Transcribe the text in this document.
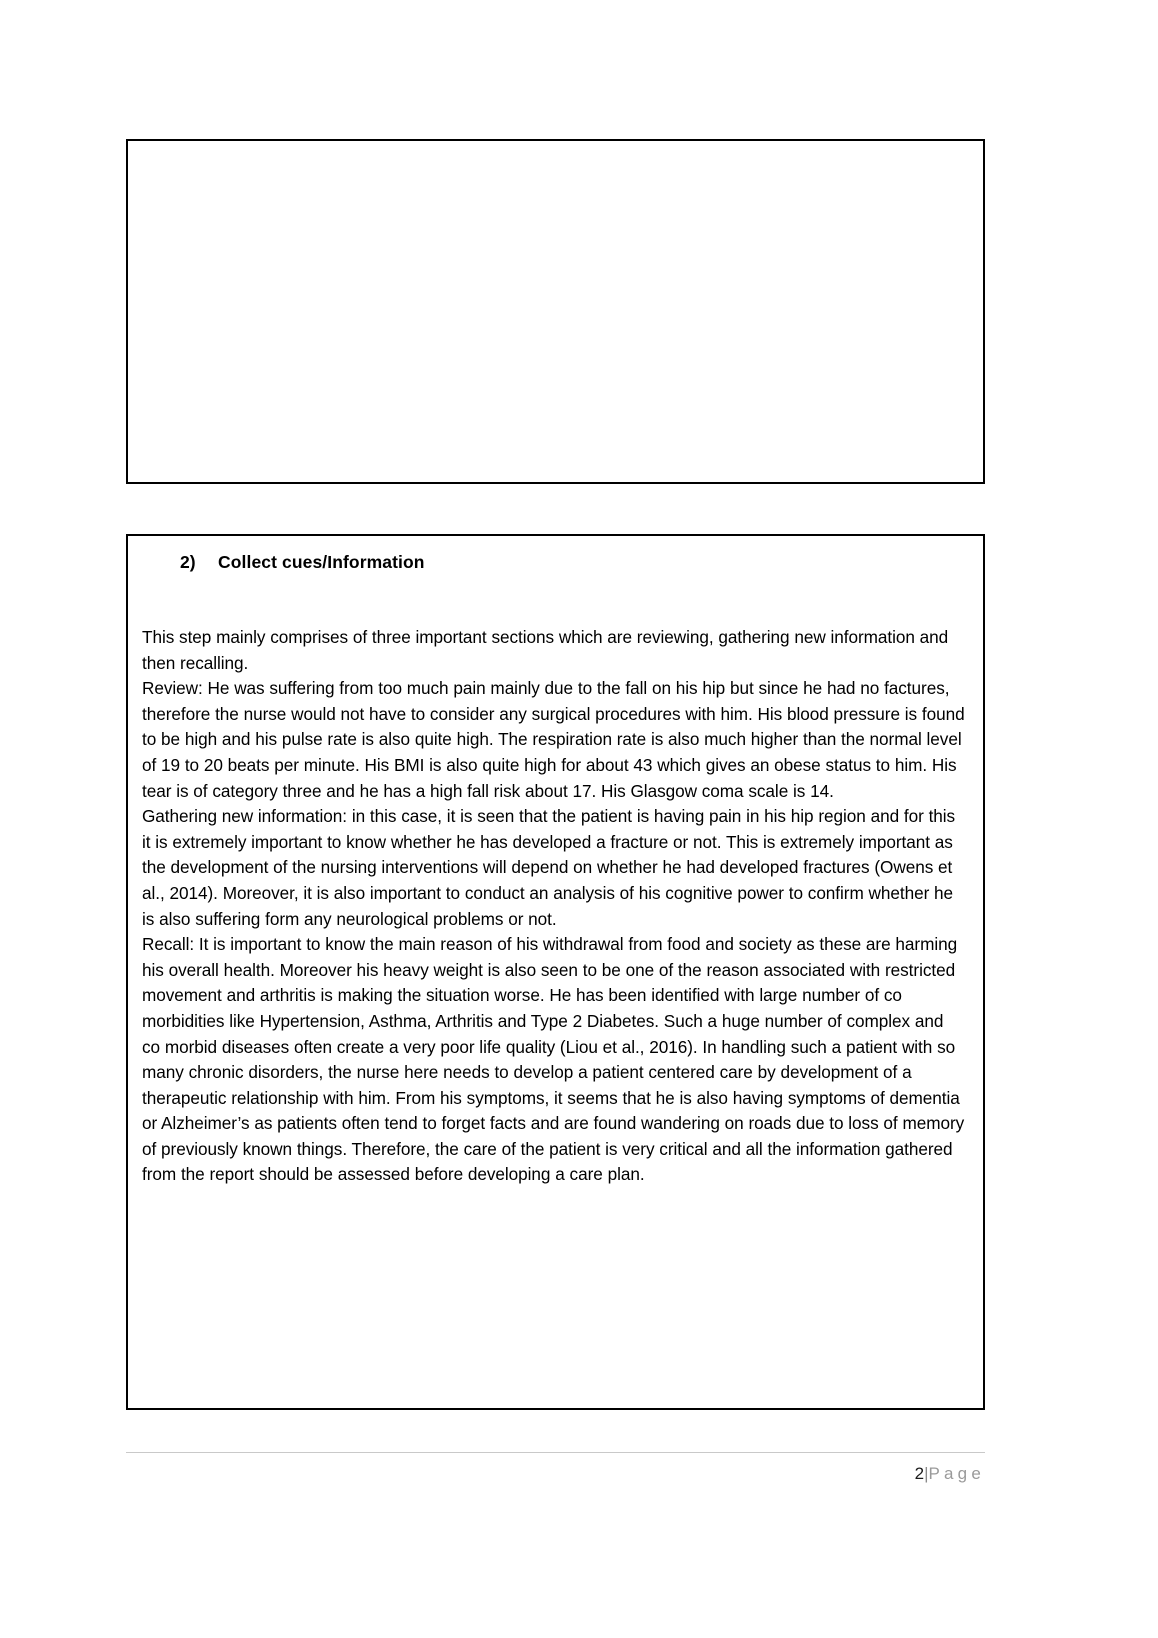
2)	Collect cues/Information

This step mainly comprises of three important sections which are reviewing, gathering new information and then recalling.

Review: He was suffering from too much pain mainly due to the fall on his hip but since he had no factures, therefore the nurse would not have to consider any surgical procedures with him. His blood pressure is found to be high and his pulse rate is also quite high. The respiration rate is also much higher than the normal level of 19 to 20 beats per minute. His BMI is also quite high for about 43 which gives an obese status to him. His tear is of category three and he has a high fall risk about 17. His Glasgow coma scale is 14.

Gathering new information: in this case, it is seen that the patient is having pain in his hip region and for this it is extremely important to know whether he has developed a fracture or not. This is extremely important as the development of the nursing interventions will depend on whether he had developed fractures (Owens et al., 2014). Moreover, it is also important to conduct an analysis of his cognitive power to confirm whether he is also suffering form any neurological problems or not.

Recall: It is important to know the main reason of his withdrawal from food and society as these are harming his overall health. Moreover his heavy weight is also seen to be one of the reason associated with restricted movement and arthritis is making the situation worse. He has been identified with large number of co morbidities like Hypertension, Asthma, Arthritis and Type 2 Diabetes. Such a huge number of complex and co morbid diseases often create a very poor life quality (Liou et al., 2016). In handling such a patient with so many chronic disorders, the nurse here needs to develop a patient centered care by development of a therapeutic relationship with him. From his symptoms, it seems that he is also having symptoms of dementia or Alzheimer’s as patients often tend to forget facts and are found wandering on roads due to loss of memory of previously known things. Therefore, the care of the patient is very critical and all the information gathered from the report should be assessed before developing a care plan.

2|Page
